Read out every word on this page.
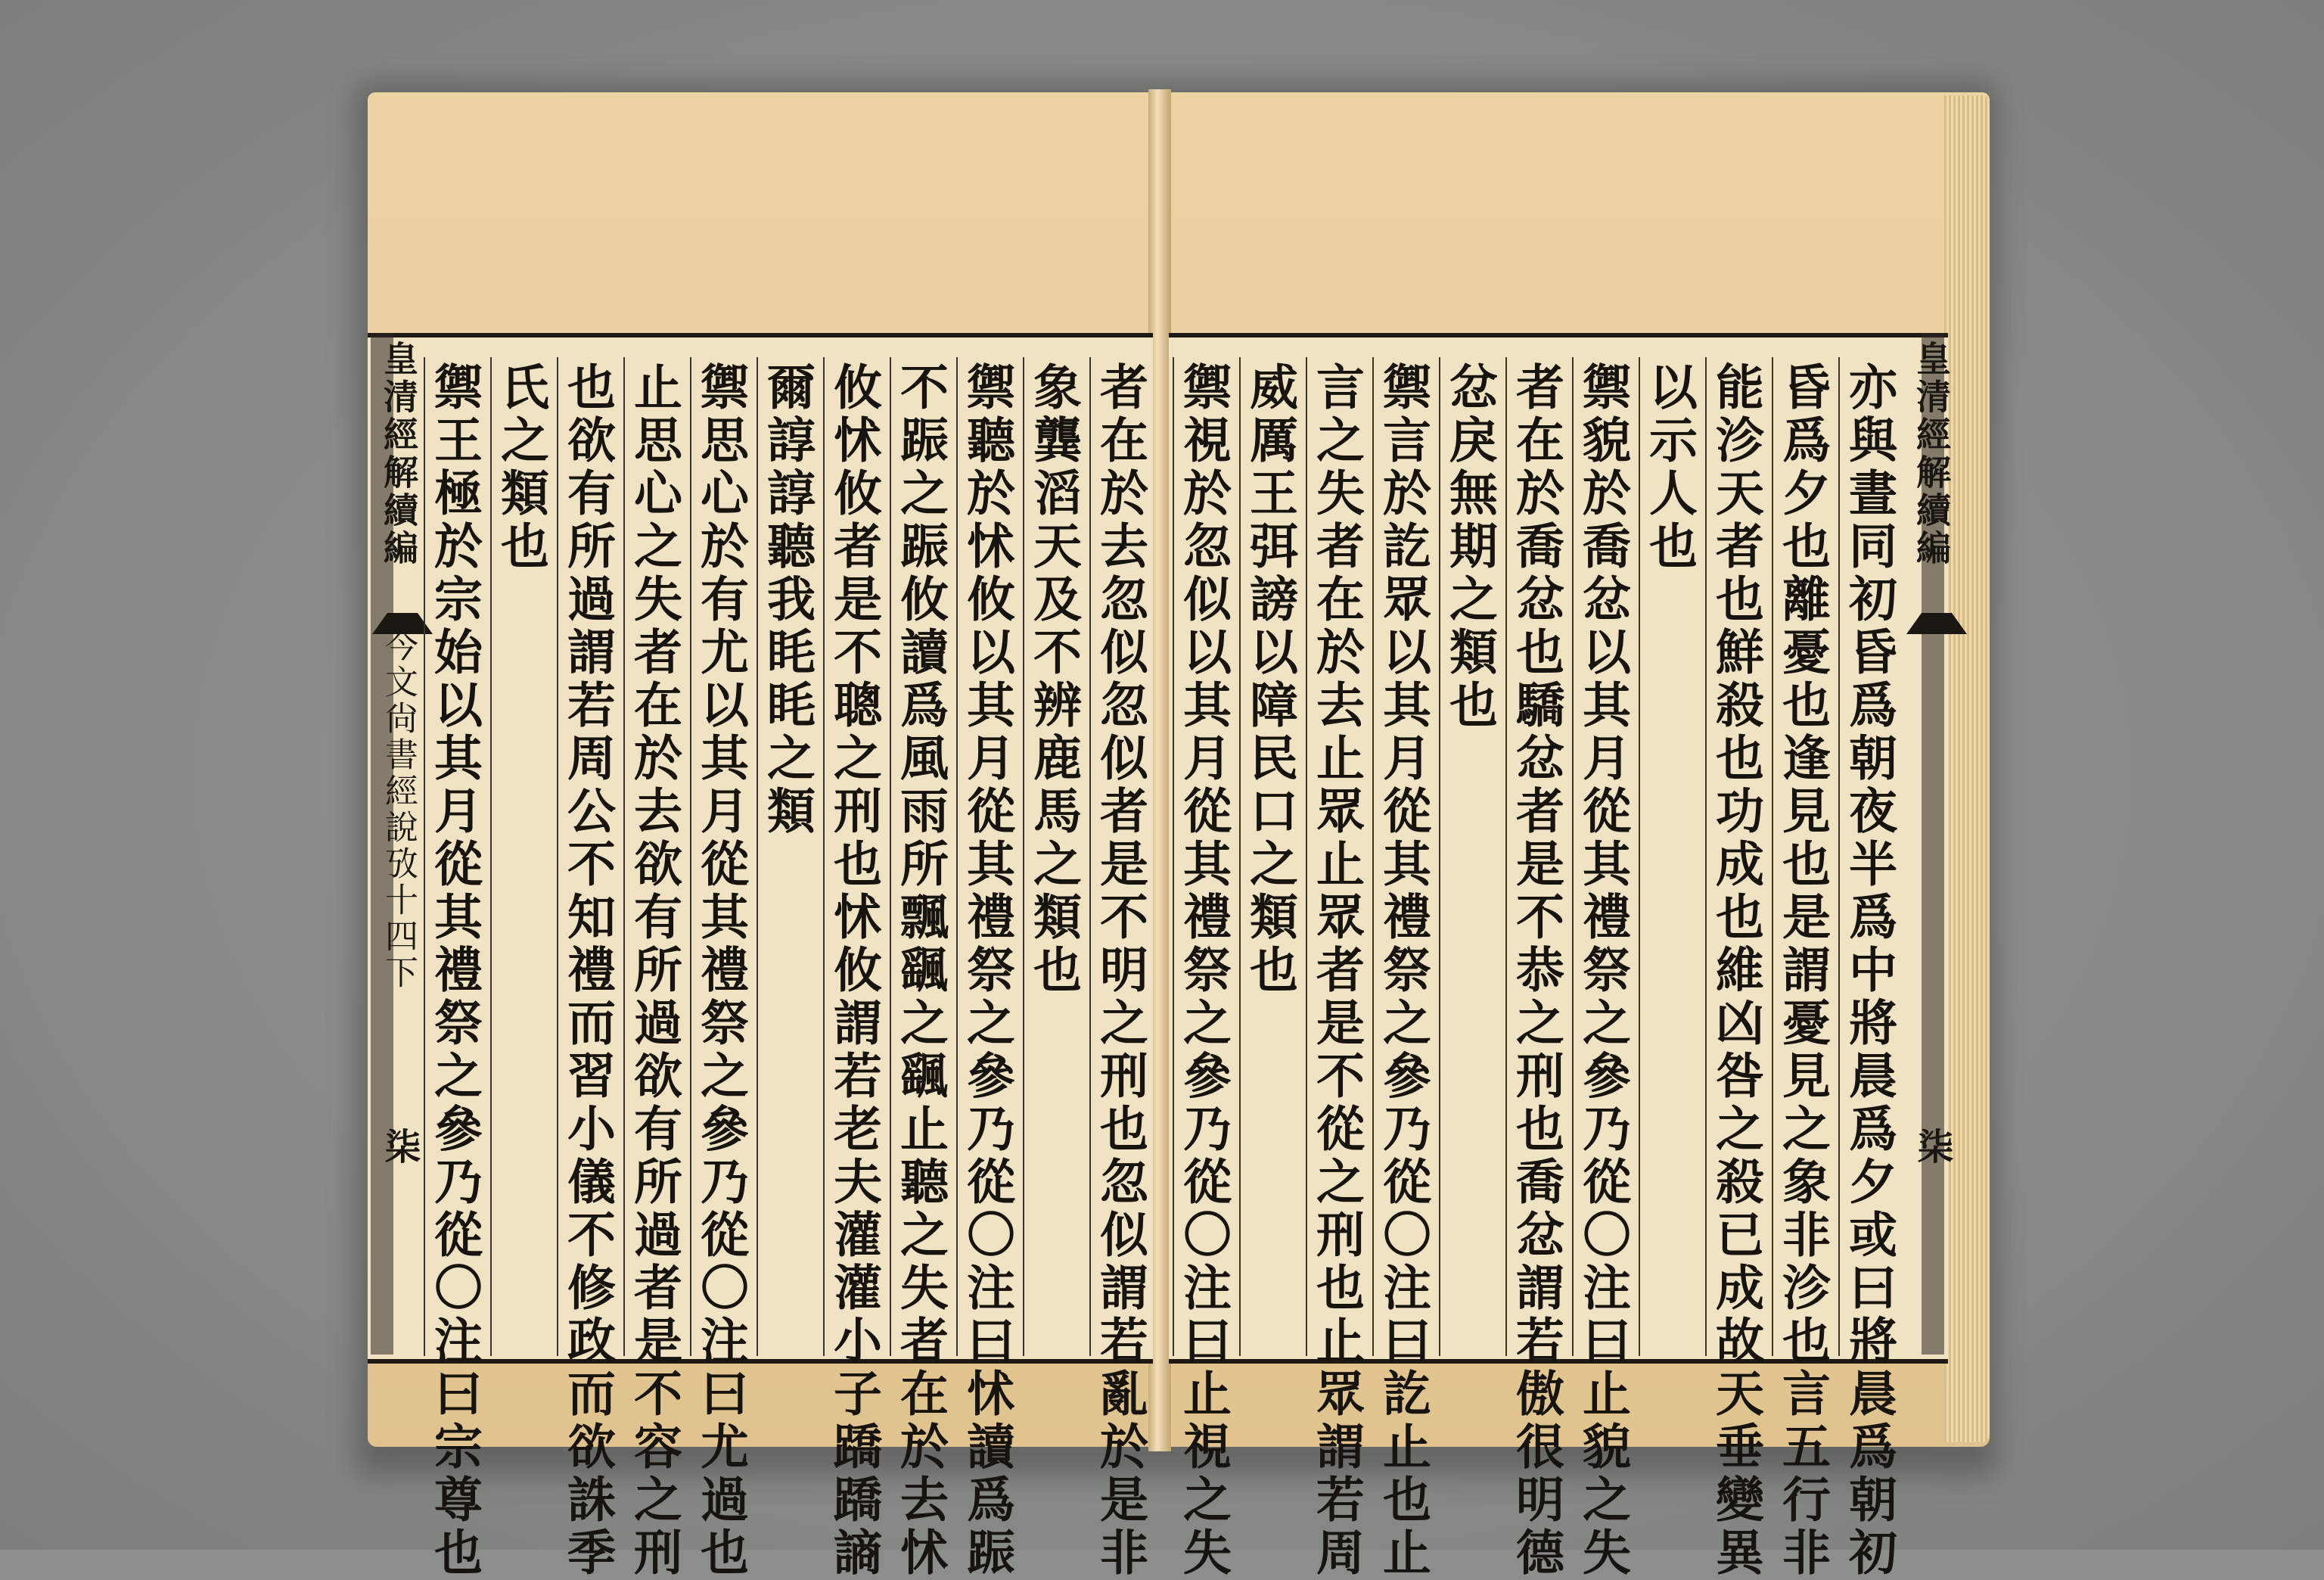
皇清經解續編
今文尙書經說攷十四下
柒
皇清經解續編
柒
者在於去忽似忽似者是不明之刑也忽似謂若亂於是非
象龔滔天及不辨鹿馬之類也
禦聽於怵攸以其月從其禮祭之參乃從〇注曰怵讀爲䟴
不䟴之䟴攸讀爲風雨所飄颻之颻止聽之失者在於去怵
攸怵攸者是不聰之刑也怵攸謂若老夫灌灌小子蹻蹻謪
爾諄諄聽我眊眊之類
禦思心於有尤以其月從其禮祭之參乃從〇注曰尤過也
止思心之失者在於去欲有所過欲有所過者是不容之刑
也欲有所過謂若周公不知禮而習小儀不修政而欲誅季
氏之類也
禦王極於宗始以其月從其禮祭之參乃從〇注曰宗尊也	亦與晝同初昏爲朝夜半爲中將晨爲夕或曰將晨爲朝初
昏爲夕也離憂也逢見也是謂憂見之象非沴也言五行非
能沴天者也鮮殺也功成也維凶咎之殺已成故天垂變異
以示人也
禦貌於喬忿以其月從其禮祭之參乃從〇注曰止貌之失
者在於喬忿也驕忿者是不恭之刑也喬忿謂若傲很明德
忿戾無期之類也
禦言於訖眾以其月從其禮祭之參乃從〇注曰訖止也止
言之失者在於去止眾止眾者是不從之刑也止眾謂若周
威厲王弭謗以障民口之類也
禦視於忽似以其月從其禮祭之參乃從〇注曰止視之失
